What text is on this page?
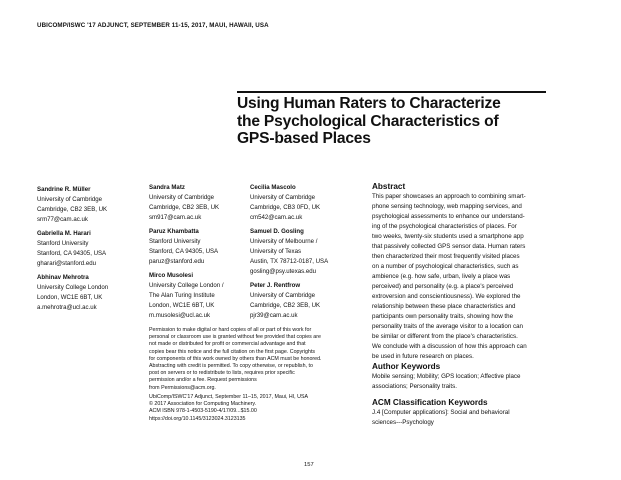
UBICOMP/ISWC '17 ADJUNCT, SEPTEMBER 11-15, 2017, MAUI, HAWAII, USA
Using Human Raters to Characterize
the Psychological Characteristics of
GPS-based Places
Sandrine R. Müller
University of Cambridge
Cambridge, CB2 3EB, UK
srm77@cam.ac.uk
Gabriella M. Harari
Stanford University
Stanford, CA 94305, USA
gharari@stanford.edu
Abhinav Mehrotra
University College London
London, WC1E 6BT, UK
a.mehrotra@ucl.ac.uk
Sandra Matz
University of Cambridge
Cambridge, CB2 3EB, UK
sm917@cam.ac.uk
Paruz Khambatta
Stanford University
Stanford, CA 94305, USA
paruz@stanford.edu
Mirco Musolesi
University College London /
The Alan Turing Institute
London, WC1E 6BT, UK
m.musolesi@ucl.ac.uk
Cecilia Mascolo
University of Cambridge
Cambridge, CB3 0FD, UK
cm542@cam.ac.uk
Samuel D. Gosling
University of Melbourne /
University of Texas
Austin, TX 78712-0187, USA
gosling@psy.utexas.edu
Peter J. Rentfrow
University of Cambridge
Cambridge, CB2 3EB, UK
pjr39@cam.ac.uk
Permission to make digital or hard copies of all or part of this work for
personal or classroom use is granted without fee provided that copies are
not made or distributed for profit or commercial advantage and that
copies bear this notice and the full citation on the first page. Copyrights
for components of this work owned by others than ACM must be honored.
Abstracting with credit is permitted. To copy otherwise, or republish, to
post on servers or to redistribute to lists, requires prior specific
permission and/or a fee. Request permissions
from Permissions@acm.org.
UbiComp/ISWC'17 Adjunct, September 11–15, 2017, Maui, HI, USA
© 2017 Association for Computing Machinery.
ACM ISBN 978-1-4503-5190-4/17/09...$15.00
https://doi.org/10.1145/3123024.3123135
Abstract
This paper showcases an approach to combining smart-
phone sensing technology, web mapping services, and
psychological assessments to enhance our understand-
ing of the psychological characteristics of places. For
two weeks, twenty-six students used a smartphone app
that passively collected GPS sensor data. Human raters
then characterized their most frequently visited places
on a number of psychological characteristics, such as
ambience (e.g. how safe, urban, lively a place was
perceived) and personality (e.g. a place's perceived
extroversion and conscientiousness). We explored the
relationship between these place characteristics and
participants own personality traits, showing how the
personality traits of the average visitor to a location can
be similar or different from the place's characteristics.
We conclude with a discussion of how this approach can
be used in future research on places.
Author Keywords
Mobile sensing; Mobility; GPS location; Affective place
associations; Personality traits.
ACM Classification Keywords
J.4 [Computer applications]: Social and behavioral
sciences---Psychology
157
